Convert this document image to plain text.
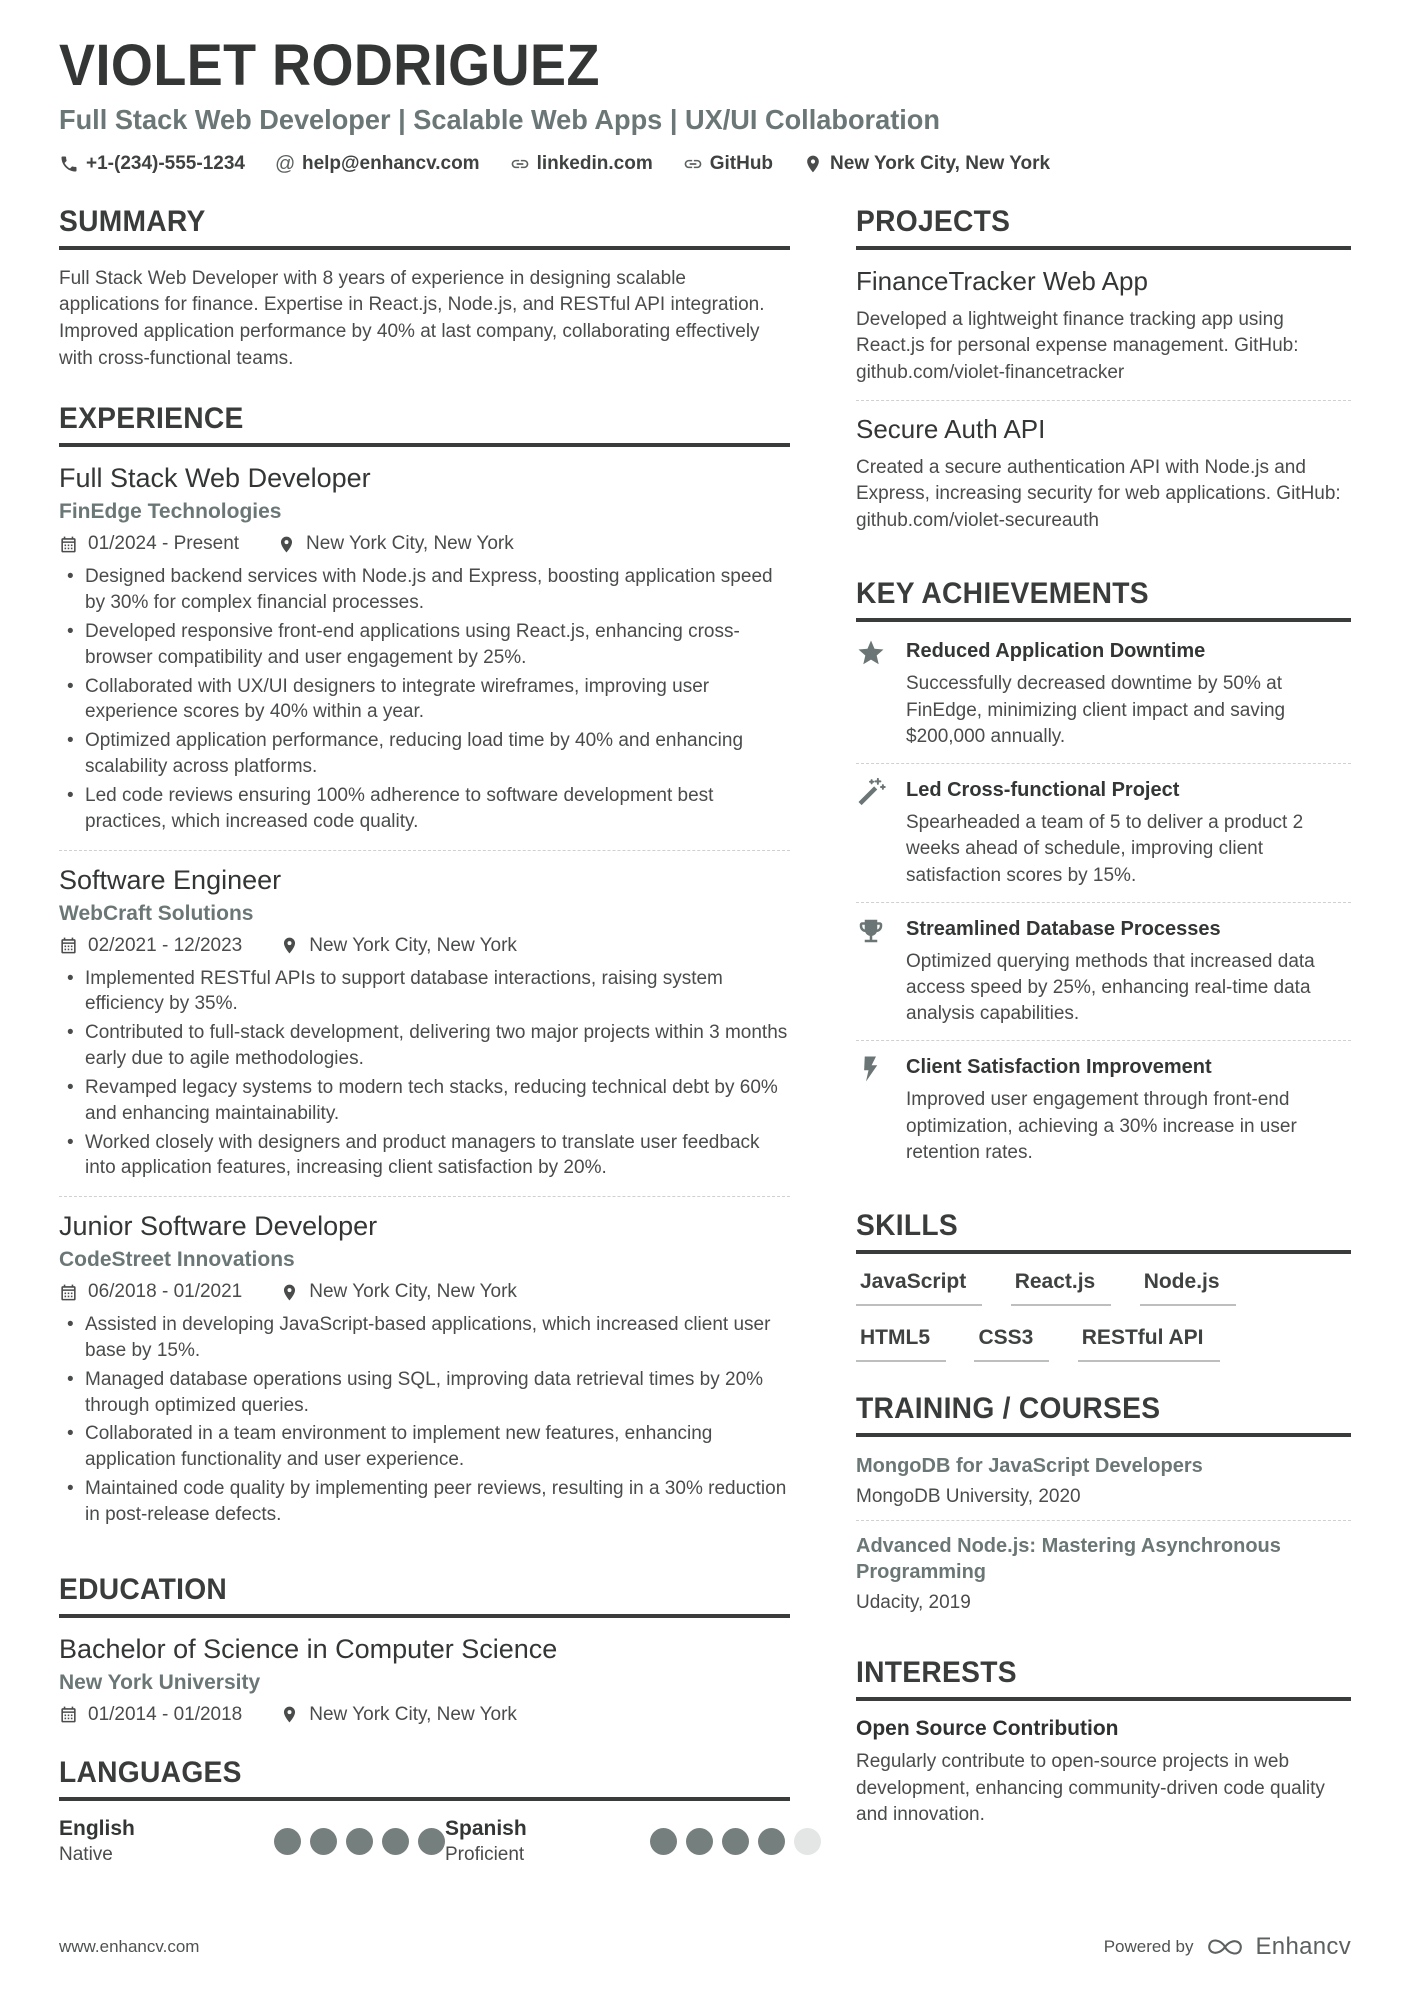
VIOLET RODRIGUEZ
Full Stack Web Developer | Scalable Web Apps | UX/UI Collaboration
+1-(234)-555-1234 @ help@enhancv.com	linkedin.com	GitHub	New York City, New York
SUMMARY

Full Stack Web Developer with 8 years of experience in designing scalable applications for finance. Expertise in React.js, Node.js, and RESTful API integration. Improved application performance by 40% at last company, collaborating effectively with cross-functional teams.

EXPERIENCE
Full Stack Web Developer
FinEdge Technologies
01/2024 - Present	New York City, New York
• Designed backend services with Node.js and Express, boosting application speed by 30% for complex financial processes.
• Developed responsive front-end applications using React.js, enhancing cross-browser compatibility and user engagement by 25%.
• Collaborated with UX/UI designers to integrate wireframes, improving user experience scores by 40% within a year.
• Optimized application performance, reducing load time by 40% and enhancing scalability across platforms.
• Led code reviews ensuring 100% adherence to software development best practices, which increased code quality.
Software Engineer
WebCraft Solutions
02/2021 - 12/2023	New York City, New York
• Implemented RESTful APIs to support database interactions, raising system efficiency by 35%.
• Contributed to full-stack development, delivering two major projects within 3 months early due to agile methodologies.
• Revamped legacy systems to modern tech stacks, reducing technical debt by 60% and enhancing maintainability.
• Worked closely with designers and product managers to translate user feedback into application features, increasing client satisfaction by 20%.
Junior Software Developer
CodeStreet Innovations
06/2018 - 01/2021	New York City, New York
• Assisted in developing JavaScript-based applications, which increased client user base by 15%.
• Managed database operations using SQL, improving data retrieval times by 20% through optimized queries.
• Collaborated in a team environment to implement new features, enhancing application functionality and user experience.
• Maintained code quality by implementing peer reviews, resulting in a 30% reduction in post-release defects.
EDUCATION
Bachelor of Science in Computer Science
New York University
01/2014 - 01/2018	New York City, New York
LANGUAGES
English
Native
Spanish
Proficient
PROJECTS
FinanceTracker Web App

Developed a lightweight finance tracking app using React.js for personal expense management. GitHub: github.com/violet-financetracker

Secure Auth API

Created a secure authentication API with Node.js and Express, increasing security for web applications. GitHub: github.com/violet-secureauth

KEY ACHIEVEMENTS
Reduced Application Downtime
Successfully decreased downtime by 50% at FinEdge, minimizing client impact and saving $200,000 annually.
Led Cross-functional Project
Spearheaded a team of 5 to deliver a product 2 weeks ahead of schedule, improving client satisfaction scores by 15%.
Streamlined Database Processes
Optimized querying methods that increased data access speed by 25%, enhancing real-time data analysis capabilities.
Client Satisfaction Improvement
Improved user engagement through front-end optimization, achieving a 30% increase in user retention rates.
SKILLS
JavaScript React.js Node.js
HTML5 CSS3 RESTful API
TRAINING / COURSES
MongoDB for JavaScript Developers
MongoDB University, 2020
Advanced Node.js: Mastering Asynchronous Programming
Udacity, 2019
INTERESTS
Open Source Contribution

Regularly contribute to open-source projects in web development, enhancing community-driven code quality and innovation.

www.enhancv.com	Powered by	Enhancv
